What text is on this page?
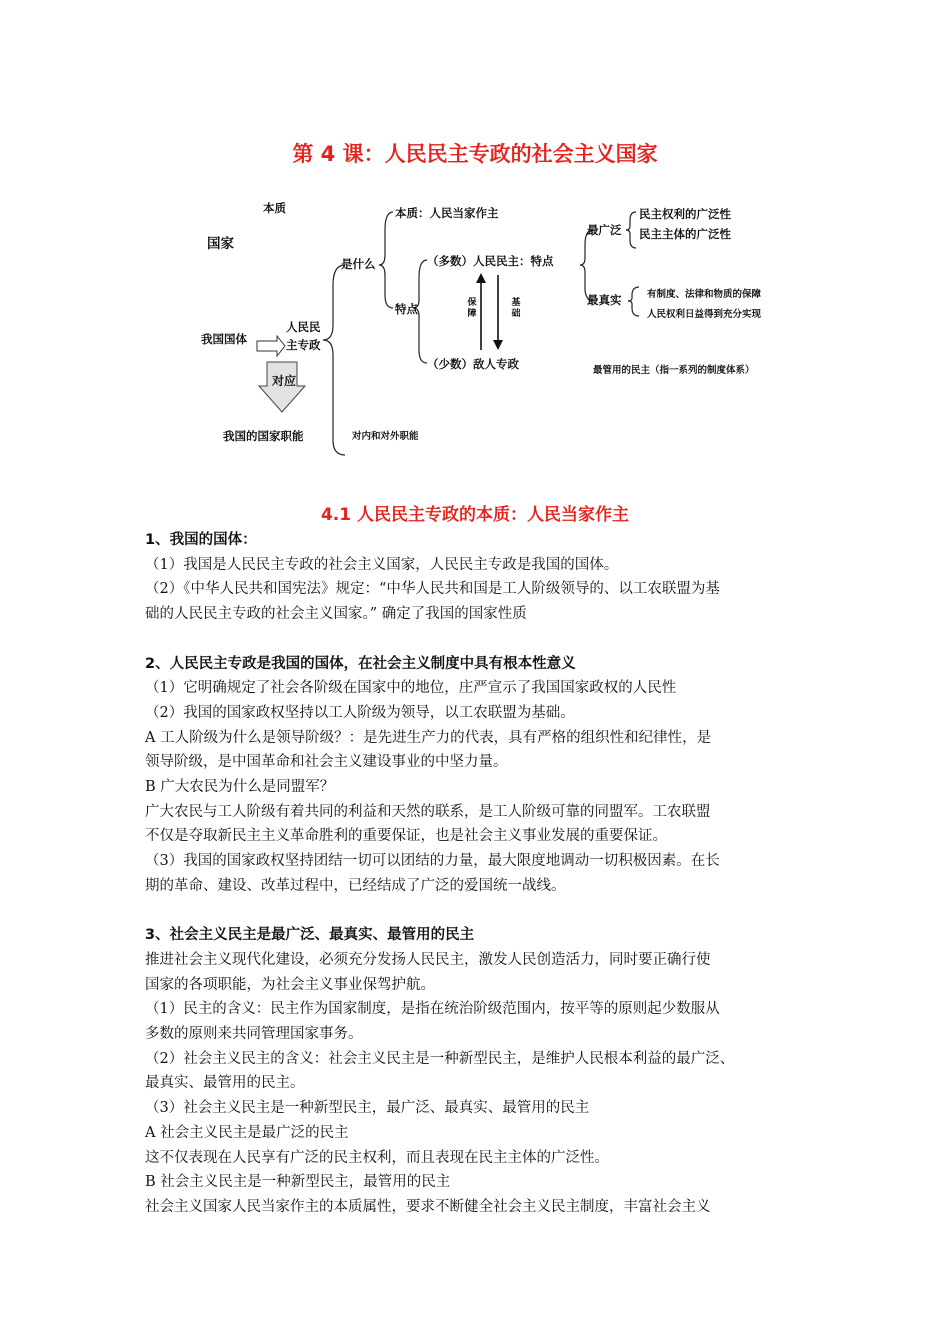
第 4 课：人民民主专政的社会主义国家
本质
国家
我国国体
人民民
主专政
对应
我国的国家职能
是什么
本质：人民当家作主
特点
（多数）人民民主：特点
（少数）敌人专政
保障
基础
最广泛
民主权利的广泛性
民主主体的广泛性
最真实	有制度、法律和物质的保障
人民权利日益得到充分实现
最管用的民主（指一系列的制度体系）
对内和对外职能
4.1 人民民主专政的本质：人民当家作主

1、我国的国体：

（1）我国是人民民主专政的社会主义国家，人民民主专政是我国的国体。

（2）《中华人民共和国宪法》规定：“中华人民共和国是工人阶级领导的、以工农联盟为基

础的人民民主专政的社会主义国家。” 确定了我国的国家性质

2、人民民主专政是我国的国体，在社会主义制度中具有根本性意义

（1）它明确规定了社会各阶级在国家中的地位，庄严宣示了我国国家政权的人民性

（2）我国的国家政权坚持以工人阶级为领导，以工农联盟为基础。

A 工人阶级为什么是领导阶级？：是先进生产力的代表，具有严格的组织性和纪律性，是

领导阶级，是中国革命和社会主义建设事业的中坚力量。

B 广大农民为什么是同盟军？

广大农民与工人阶级有着共同的利益和天然的联系，是工人阶级可靠的同盟军。工农联盟

不仅是夺取新民主主义革命胜利的重要保证，也是社会主义事业发展的重要保证。

（3）我国的国家政权坚持团结一切可以团结的力量，最大限度地调动一切积极因素。在长

期的革命、建设、改革过程中，已经结成了广泛的爱国统一战线。

3、社会主义民主是最广泛、最真实、最管用的民主

推进社会主义现代化建设，必须充分发扬人民民主，激发人民创造活力，同时要正确行使

国家的各项职能，为社会主义事业保驾护航。

（1）民主的含义：民主作为国家制度，是指在统治阶级范围内，按平等的原则起少数服从

多数的原则来共同管理国家事务。

（2）社会主义民主的含义：社会主义民主是一种新型民主，是维护人民根本利益的最广泛、

最真实、最管用的民主。

（3）社会主义民主是一种新型民主，最广泛、最真实、最管用的民主

A 社会主义民主是最广泛的民主

这不仅表现在人民享有广泛的民主权利，而且表现在民主主体的广泛性。

B 社会主义民主是一种新型民主，最管用的民主

社会主义国家人民当家作主的本质属性，要求不断健全社会主义民主制度，丰富社会主义
